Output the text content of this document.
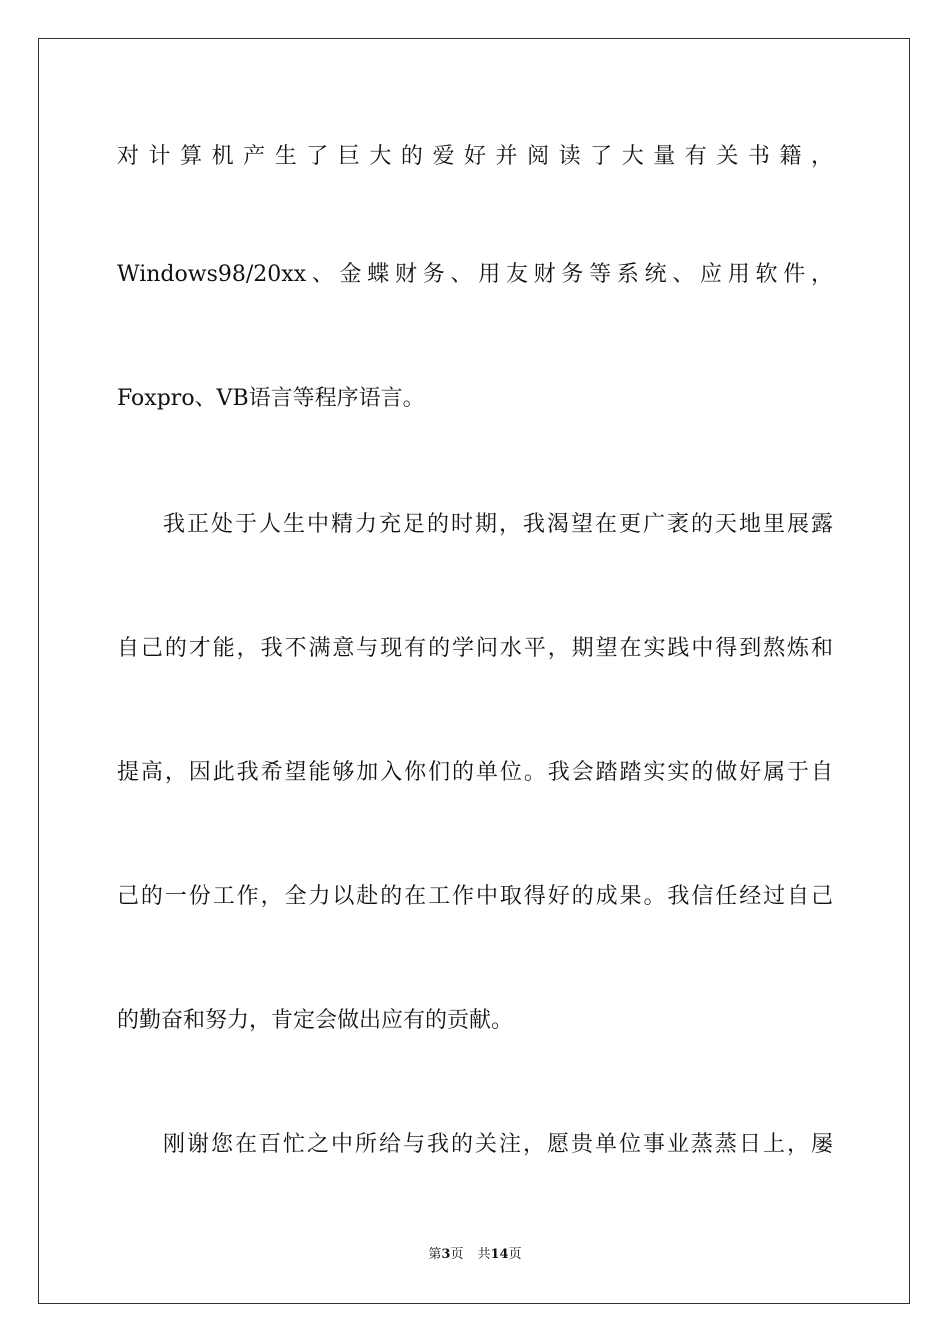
对计算机产生了巨大的爱好并阅读了大量有关书籍，
Windows98/20xx、金蝶财务、用友财务等系统、应用软件，
Foxpro、VB语言等程序语言。
我正处于人生中精力充足的时期，我渴望在更广袤的天地里展露
自己的才能，我不满意与现有的学问水平，期望在实践中得到熬炼和
提高，因此我希望能够加入你们的单位。我会踏踏实实的做好属于自
己的一份工作，全力以赴的在工作中取得好的成果。我信任经过自己
的勤奋和努力，肯定会做出应有的贡献。
刚谢您在百忙之中所给与我的关注，愿贵单位事业蒸蒸日上，屡
第3页 共14页
